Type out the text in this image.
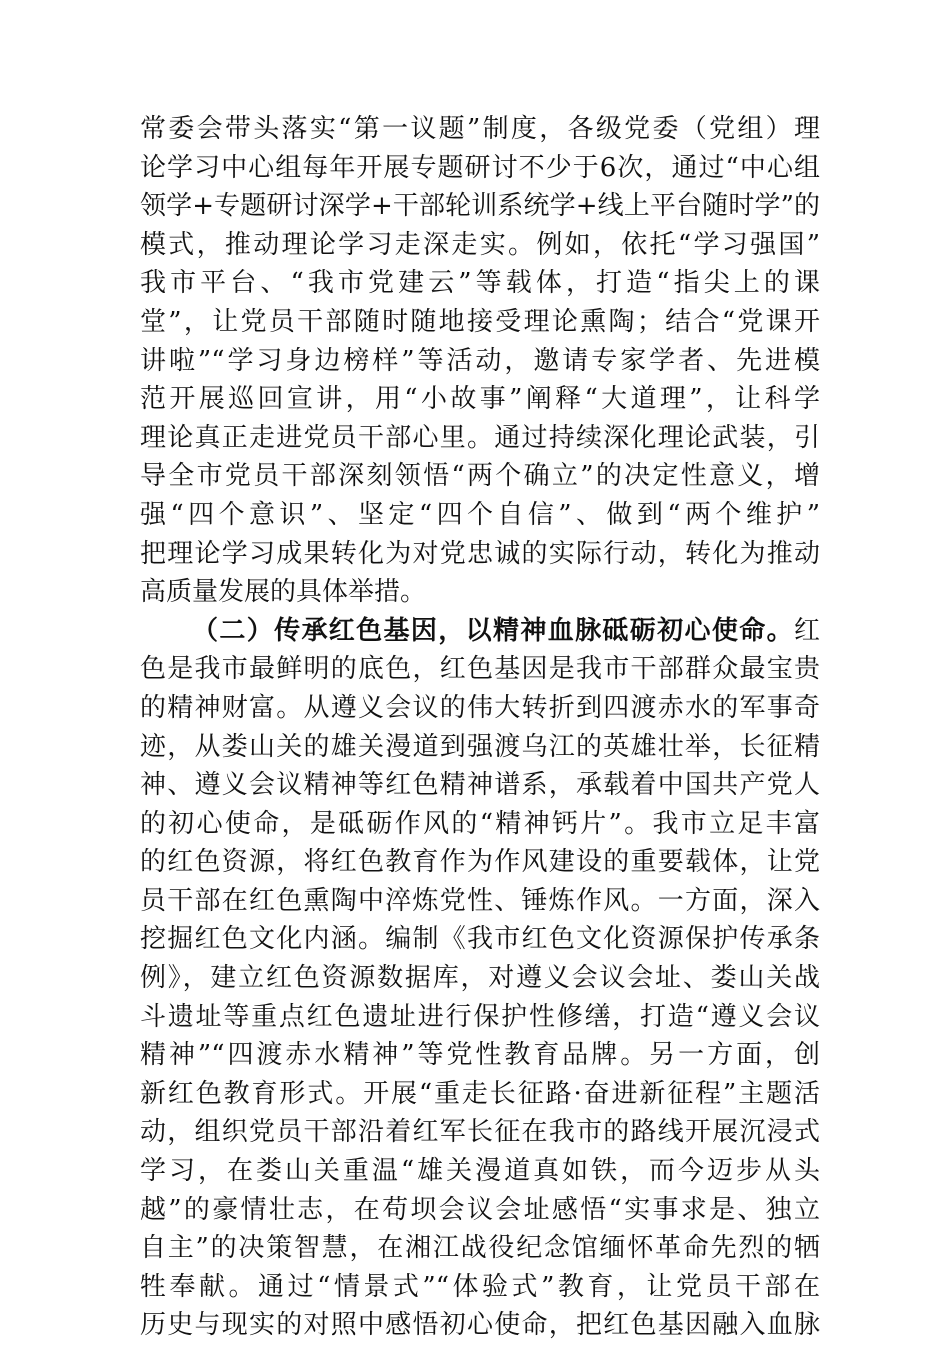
常委会带头落实“第一议题”制度，各级党委（党组）理
论学习中心组每年开展专题研讨不少于6次，通过“中心组
领学+专题研讨深学+干部轮训系统学+线上平台随时学”的
模式，推动理论学习走深走实。例如，依托“学习强国”
我市平台、“我市党建云”等载体，打造“指尖上的课
堂”，让党员干部随时随地接受理论熏陶；结合“党课开
讲啦”“学习身边榜样”等活动，邀请专家学者、先进模
范开展巡回宣讲，用“小故事”阐释“大道理”，让科学
理论真正走进党员干部心里。通过持续深化理论武装，引
导全市党员干部深刻领悟“两个确立”的决定性意义，增
强“四个意识”、坚定“四个自信”、做到“两个维护”
把理论学习成果转化为对党忠诚的实际行动，转化为推动
高质量发展的具体举措。
（二）传承红色基因，以精神血脉砥砺初心使命。红
色是我市最鲜明的底色，红色基因是我市干部群众最宝贵
的精神财富。从遵义会议的伟大转折到四渡赤水的军事奇
迹，从娄山关的雄关漫道到强渡乌江的英雄壮举，长征精
神、遵义会议精神等红色精神谱系，承载着中国共产党人
的初心使命，是砥砺作风的“精神钙片”。我市立足丰富
的红色资源，将红色教育作为作风建设的重要载体，让党
员干部在红色熏陶中淬炼党性、锤炼作风。一方面，深入
挖掘红色文化内涵。编制《我市红色文化资源保护传承条
例》，建立红色资源数据库，对遵义会议会址、娄山关战
斗遗址等重点红色遗址进行保护性修缮，打造“遵义会议
精神”“四渡赤水精神”等党性教育品牌。另一方面，创
新红色教育形式。开展“重走长征路·奋进新征程”主题活
动，组织党员干部沿着红军长征在我市的路线开展沉浸式
学习，在娄山关重温“雄关漫道真如铁，而今迈步从头
越”的豪情壮志，在苟坝会议会址感悟“实事求是、独立
自主”的决策智慧，在湘江战役纪念馆缅怀革命先烈的牺
牲奉献。通过“情景式”“体验式”教育，让党员干部在
历史与现实的对照中感悟初心使命，把红色基因融入血脉
